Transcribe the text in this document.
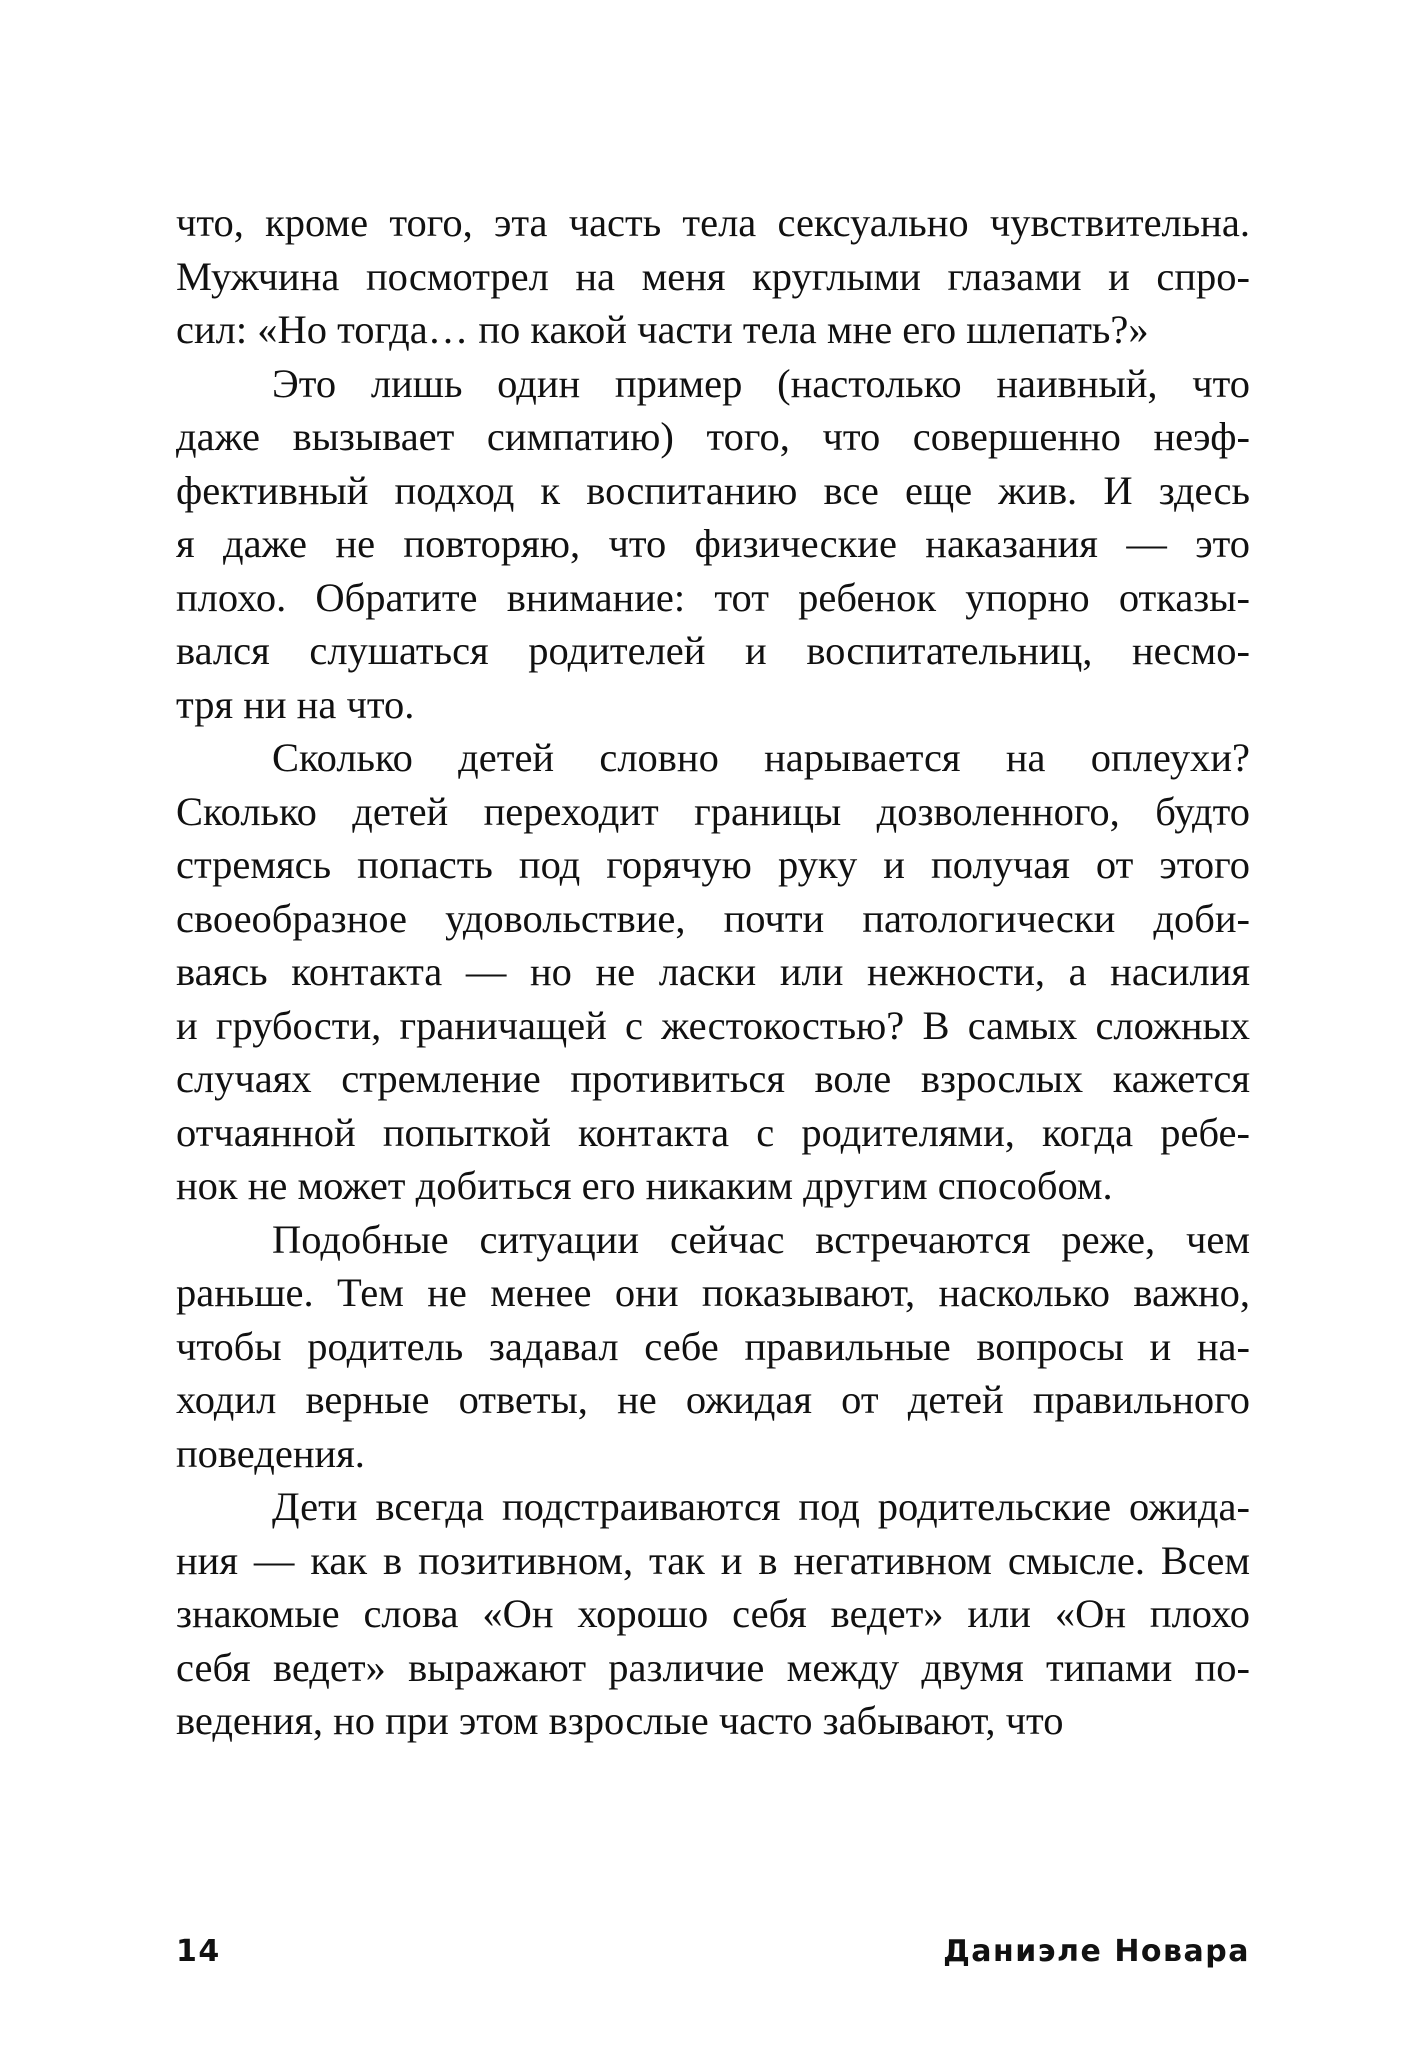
что, кроме того, эта часть тела сексуально чувствительна.
Мужчина посмотрел на меня круглыми глазами и спро-
сил: «Но тогда… по какой части тела мне его шлепать?»
Это лишь один пример (настолько наивный, что
даже вызывает симпатию) того, что совершенно неэф-
фективный подход к воспитанию все еще жив. И здесь
я даже не повторяю, что физические наказания — это
плохо. Обратите внимание: тот ребенок упорно отказы-
вался слушаться родителей и воспитательниц, несмо-
тря ни на что.
Сколько детей словно нарывается на оплеухи?
Сколько детей переходит границы дозволенного, будто
стремясь попасть под горячую руку и получая от этого
своеобразное удовольствие, почти патологически доби-
ваясь контакта — но не ласки или нежности, а насилия
и грубости, граничащей с жестокостью? В самых сложных
случаях стремление противиться воле взрослых кажется
отчаянной попыткой контакта с родителями, когда ребе-
нок не может добиться его никаким другим способом.
Подобные ситуации сейчас встречаются реже, чем
раньше. Тем не менее они показывают, насколько важно,
чтобы родитель задавал себе правильные вопросы и на-
ходил верные ответы, не ожидая от детей правильного
поведения.
Дети всегда подстраиваются под родительские ожида-
ния — как в позитивном, так и в негативном смысле. Всем
знакомые слова «Он хорошо себя ведет» или «Он плохо
себя ведет» выражают различие между двумя типами по-
ведения, но при этом взрослые часто забывают, что
14	Даниэле Новара
